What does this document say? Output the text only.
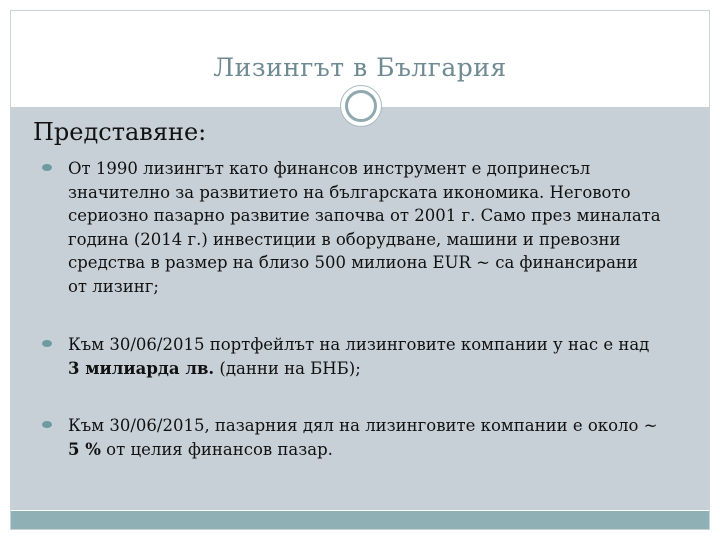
Лизингът в България
Представяне:
От 1990 лизингът като финансов инструмент е допринесъл значително за развитието на българската икономика. Неговото сериозно пазарно развитие започва от 2001 г. Само през миналата година (2014 г.) инвестиции в оборудване, машини и превозни средства в размер на близо 500 милиона EUR ~ са финансирани от лизинг;
Към 30/06/2015 портфейлът на лизинговите компании у нас е над 3 милиарда лв. (данни на БНБ);
Към 30/06/2015, пазарния дял на лизинговите компании е около ~ 5 % от целия финансов пазар.
